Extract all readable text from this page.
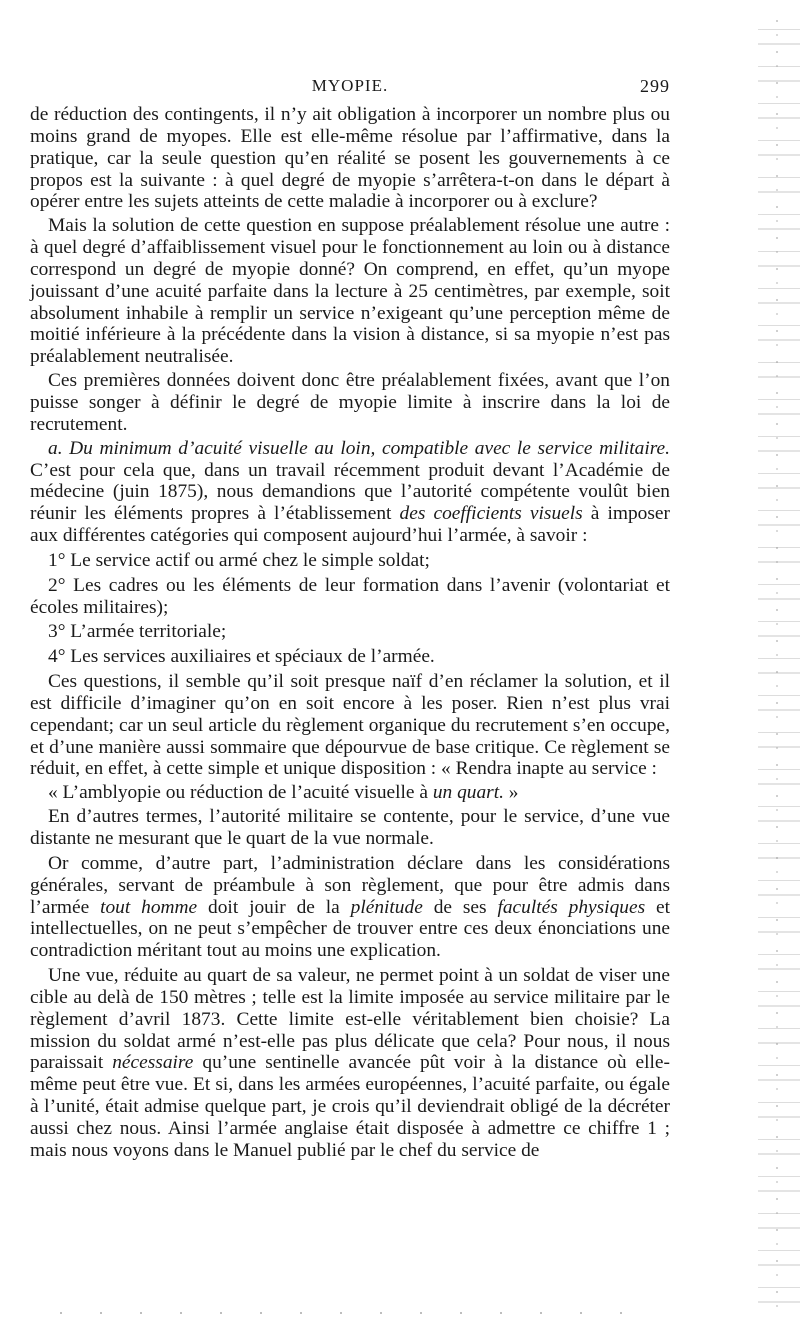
MYOPIE.	299

de réduction des contingents, il n’y ait obligation à incorporer un nombre plus ou moins grand de myopes. Elle est elle-même résolue par l’affirmative, dans la pratique, car la seule question qu’en réalité se posent les gouvernements à ce propos est la suivante : à quel degré de myopie s’arrêtera-t-on dans le départ à opérer entre les sujets atteints de cette maladie à incorporer ou à exclure?

Mais la solution de cette question en suppose préalablement résolue une autre : à quel degré d’affaiblissement visuel pour le fonctionnement au loin ou à distance correspond un degré de myopie donné? On comprend, en effet, qu’un myope jouissant d’une acuité parfaite dans la lecture à 25 centimètres, par exemple, soit absolument inhabile à remplir un service n’exigeant qu’une perception même de moitié inférieure à la précédente dans la vision à distance, si sa myopie n’est pas préalablement neutralisée.

Ces premières données doivent donc être préalablement fixées, avant que l’on puisse songer à définir le degré de myopie limite à inscrire dans la loi de recrutement.

a. Du minimum d’acuité visuelle au loin, compatible avec le service militaire. C’est pour cela que, dans un travail récemment produit devant l’Académie de médecine (juin 1875), nous demandions que l’autorité compétente voulût bien réunir les éléments propres à l’établissement des coefficients visuels à imposer aux différentes catégories qui composent aujourd’hui l’armée, à savoir :

1° Le service actif ou armé chez le simple soldat;

2° Les cadres ou les éléments de leur formation dans l’avenir (volontariat et écoles militaires);

3° L’armée territoriale;

4° Les services auxiliaires et spéciaux de l’armée.

Ces questions, il semble qu’il soit presque naïf d’en réclamer la solution, et il est difficile d’imaginer qu’on en soit encore à les poser. Rien n’est plus vrai cependant; car un seul article du règlement organique du recrutement s’en occupe, et d’une manière aussi sommaire que dépourvue de base critique. Ce règlement se réduit, en effet, à cette simple et unique disposition : « Rendra inapte au service :

« L’amblyopie ou réduction de l’acuité visuelle à un quart. »

En d’autres termes, l’autorité militaire se contente, pour le service, d’une vue distante ne mesurant que le quart de la vue normale.

Or comme, d’autre part, l’administration déclare dans les considérations générales, servant de préambule à son règlement, que pour être admis dans l’armée tout homme doit jouir de la plénitude de ses facultés physiques et intellectuelles, on ne peut s’empêcher de trouver entre ces deux énonciations une contradiction méritant tout au moins une explication.

Une vue, réduite au quart de sa valeur, ne permet point à un soldat de viser une cible au delà de 150 mètres ; telle est la limite imposée au service militaire par le règlement d’avril 1873. Cette limite est-elle véritablement bien choisie? La mission du soldat armé n’est-elle pas plus délicate que cela? Pour nous, il nous paraissait nécessaire qu’une sentinelle avancée pût voir à la distance où elle-même peut être vue. Et si, dans les armées européennes, l’acuité parfaite, ou égale à l’unité, était admise quelque part, je crois qu’il deviendrait obligé de la décréter aussi chez nous. Ainsi l’armée anglaise était disposée à admettre ce chiffre 1 ; mais nous voyons dans le Manuel publié par le chef du service de
